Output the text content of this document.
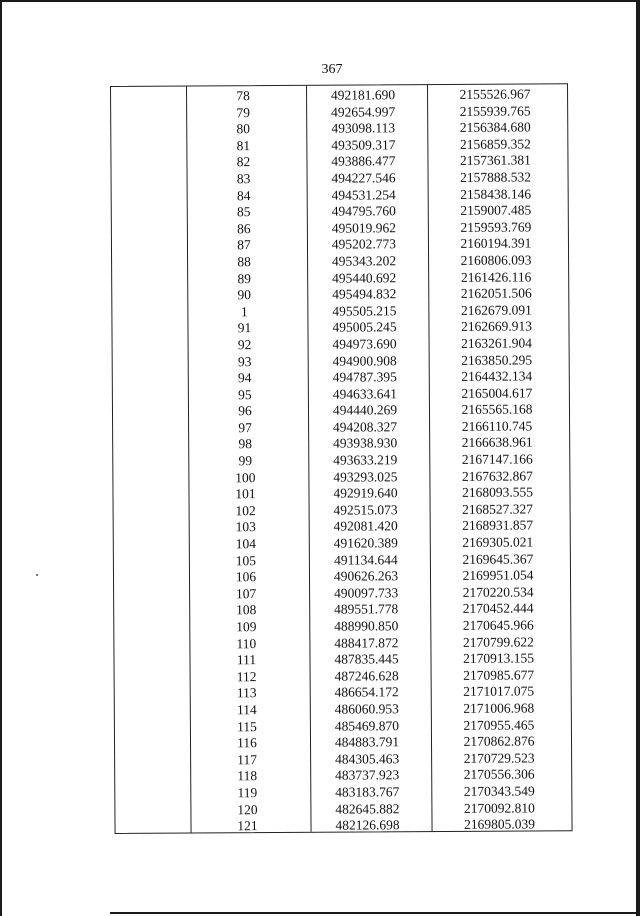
367
78	492181.690	2155526.967
79	492654.997	2155939.765
80	493098.113	2156384.680
81	493509.317	2156859.352
82	493886.477	2157361.381
83	494227.546	2157888.532
84	494531.254	2158438.146
85	494795.760	2159007.485
86	495019.962	2159593.769
87	495202.773	2160194.391
88	495343.202	2160806.093
89	495440.692	2161426.116
90	495494.832	2162051.506
1	495505.215	2162679.091
91	495005.245	2162669.913
92	494973.690	2163261.904
93	494900.908	2163850.295
94	494787.395	2164432.134
95	494633.641	2165004.617
96	494440.269	2165565.168
97	494208.327	2166110.745
98	493938.930	2166638.961
99	493633.219	2167147.166
100	493293.025	2167632.867
101	492919.640	2168093.555
102	492515.073	2168527.327
103	492081.420	2168931.857
104	491620.389	2169305.021
105	491134.644	2169645.367
106	490626.263	2169951.054
107	490097.733	2170220.534
108	489551.778	2170452.444
109	488990.850	2170645.966
110	488417.872	2170799.622
111	487835.445	2170913.155
112	487246.628	2170985.677
113	486654.172	2171017.075
114	486060.953	2171006.968
115	485469.870	2170955.465
116	484883.791	2170862.876
117	484305.463	2170729.523
118	483737.923	2170556.306
119	483183.767	2170343.549
120	482645.882	2170092.810
121	482126.698	2169805.039
